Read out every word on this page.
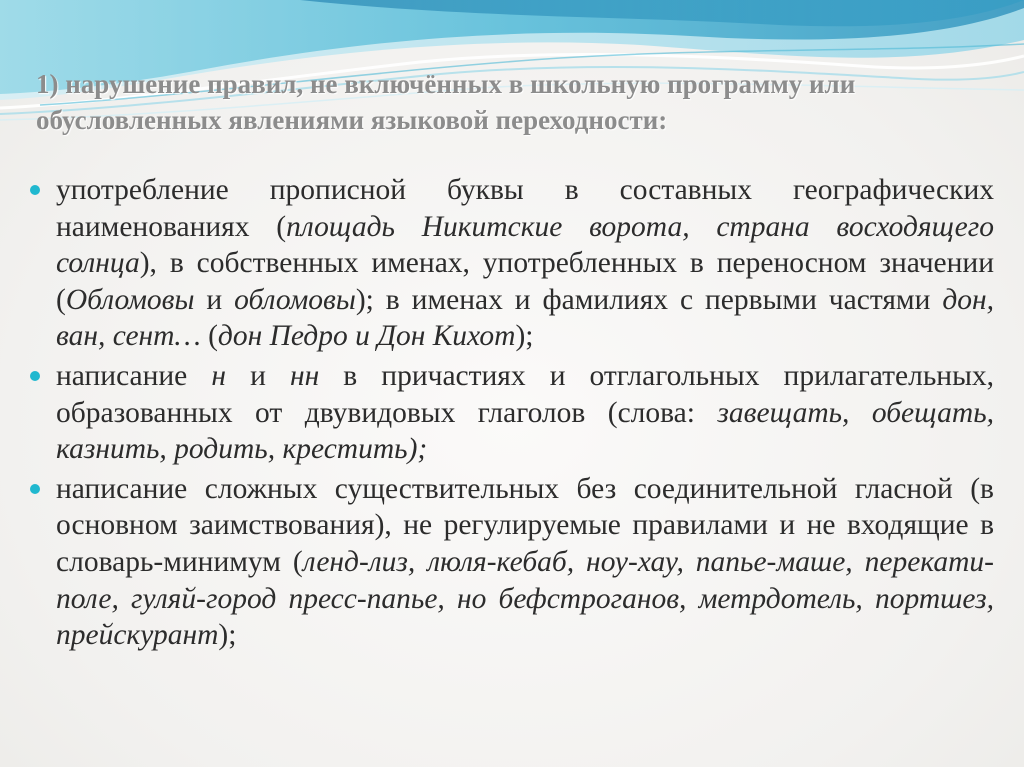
1) нарушение правил, не включённых в школьную программу или обусловленных явлениями языковой переходности:
употребление прописной буквы в составных географических наименованиях (площадь Никитские ворота, страна восходящего солнца), в собственных именах, употребленных в переносном значении (Обломовы и обломовы); в именах и фамилиях с первыми частями дон, ван, сент… (дон Педро и Дон Кихот);
написание н и нн в причастиях и отглагольных прилагательных, образованных от двувидовых глаголов (слова: завещать, обещать, казнить, родить, крестить);
написание сложных существительных без соединительной гласной (в основном заимствования), не регулируемые правилами и не входящие в словарь-минимум (ленд-лиз, люля-кебаб, ноу-хау, папье-маше, перекати-поле, гуляй-город пресс-папье, но бефстроганов, метрдотель, портшез, прейскурант);
